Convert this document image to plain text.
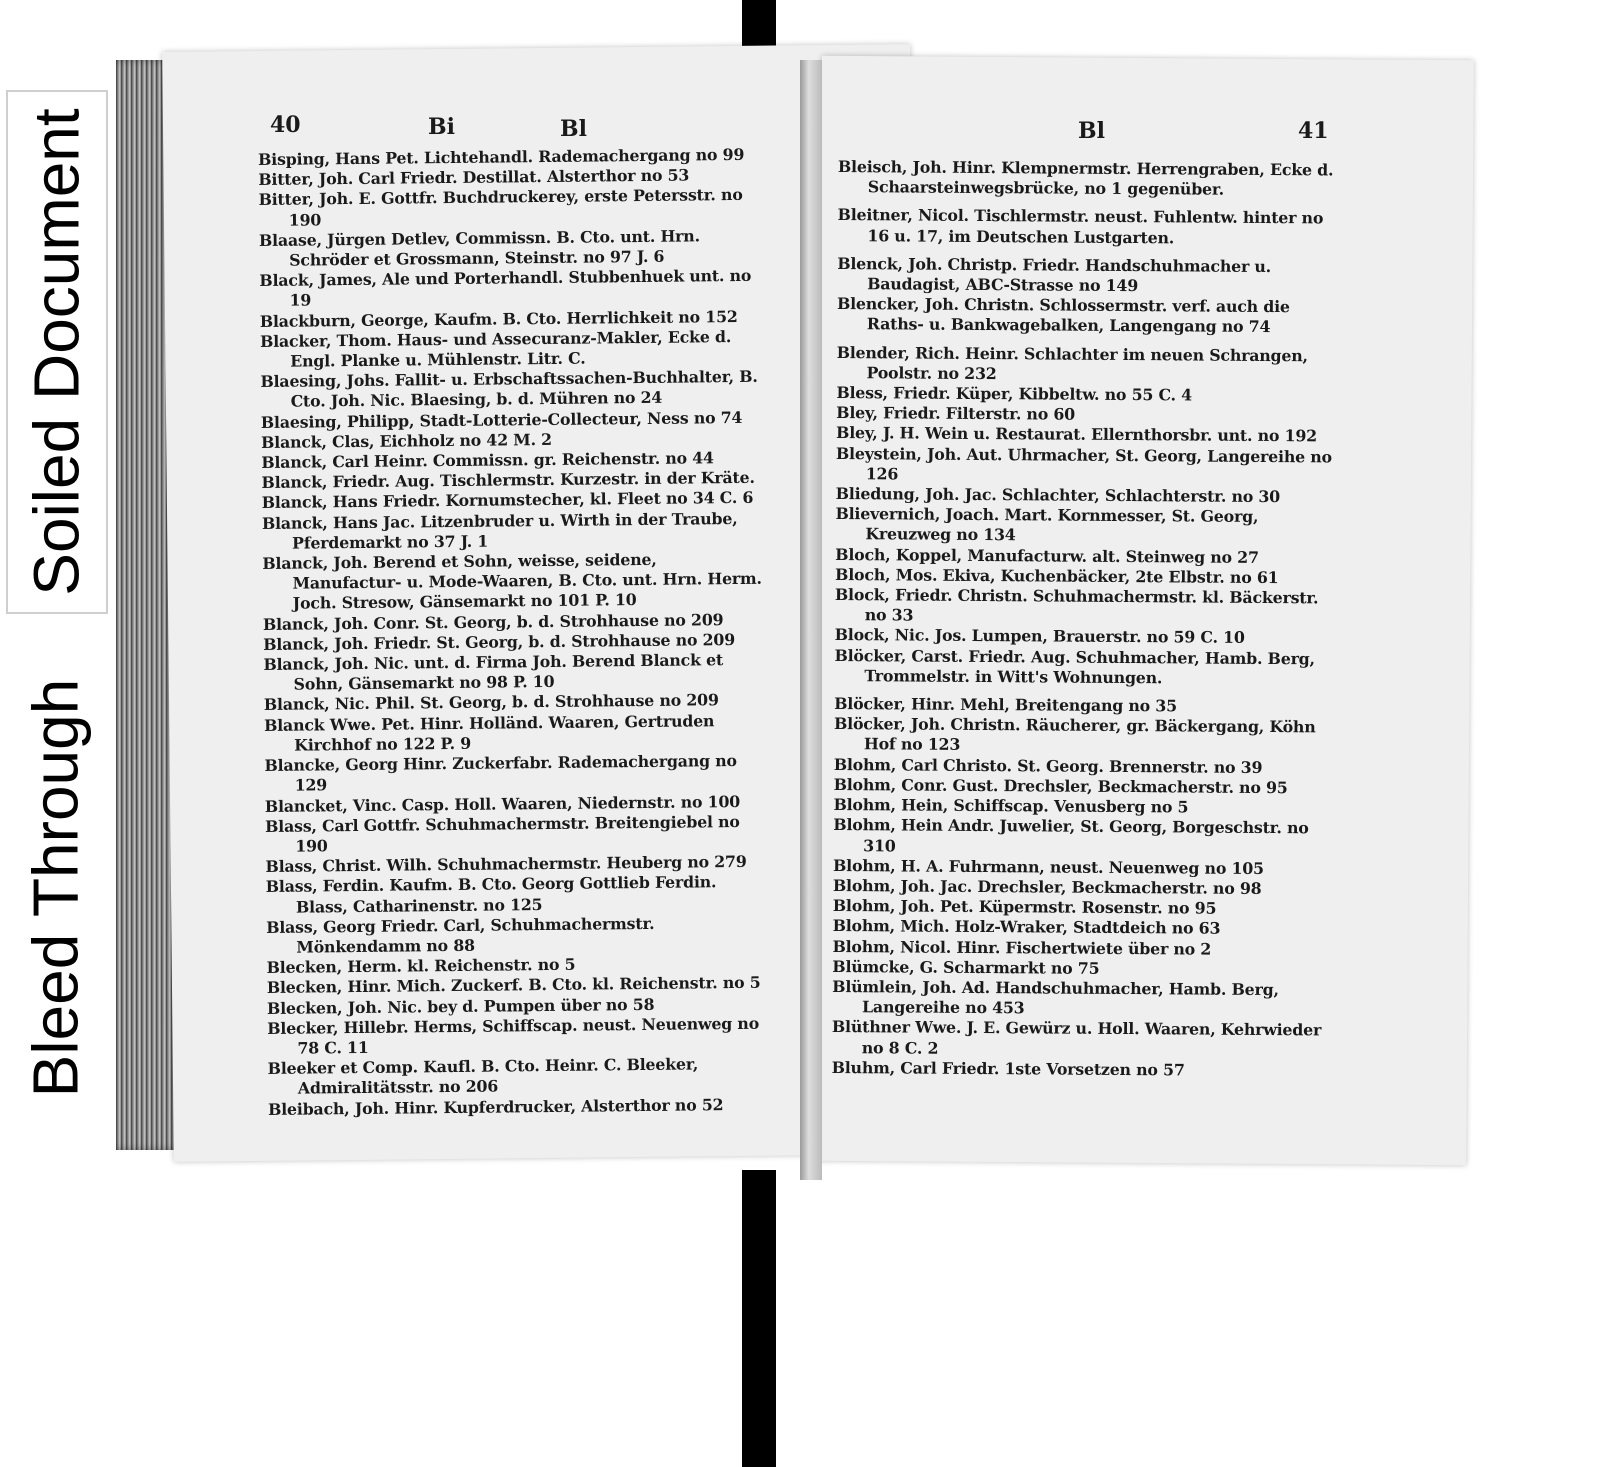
Soiled Document
Bleed Through
40	Bi	Bl	Bl	41
Bisping, Hans Pet. Lichtehandl. Rademachergang no 99
Bitter, Joh. Carl Friedr. Destillat. Alsterthor no 53
Bitter, Joh. E. Gottfr. Buchdruckerey, erste Petersstr. no 190
Blaase, Jürgen Detlev, Commissn. B. Cto. unt. Hrn. Schröder et Grossmann, Steinstr. no 97 J. 6
Black, James, Ale und Porterhandl. Stubbenhuek unt. no 19
Blackburn, George, Kaufm. B. Cto. Herrlichkeit no 152
Blacker, Thom. Haus- und Assecuranz-Makler, Ecke d. Engl. Planke u. Mühlenstr. Litr. C.
Blaesing, Johs. Fallit- u. Erbschaftssachen-Buchhalter, B. Cto. Joh. Nic. Blaesing, b. d. Mühren no 24
Blaesing, Philipp, Stadt-Lotterie-Collecteur, Ness no 74
Blanck, Clas, Eichholz no 42 M. 2
Blanck, Carl Heinr. Commissn. gr. Reichenstr. no 44
Blanck, Friedr. Aug. Tischlermstr. Kurzestr. in der Kräte.
Blanck, Hans Friedr. Kornumstecher, kl. Fleet no 34 C. 6
Blanck, Hans Jac. Litzenbruder u. Wirth in der Traube, Pferdemarkt no 37 J. 1
Blanck, Joh. Berend et Sohn, weisse, seidene, Manufactur- u. Mode-Waaren, B. Cto. unt. Hrn. Herm. Joch. Stresow, Gänsemarkt no 101 P. 10
Blanck, Joh. Conr. St. Georg, b. d. Strohhause no 209
Blanck, Joh. Friedr. St. Georg, b. d. Strohhause no 209
Blanck, Joh. Nic. unt. d. Firma Joh. Berend Blanck et Sohn, Gänsemarkt no 98 P. 10
Blanck, Nic. Phil. St. Georg, b. d. Strohhause no 209
Blanck Wwe. Pet. Hinr. Holländ. Waaren, Gertruden Kirchhof no 122 P. 9
Blancke, Georg Hinr. Zuckerfabr. Rademachergang no 129
Blancket, Vinc. Casp. Holl. Waaren, Niedernstr. no 100
Blass, Carl Gottfr. Schuhmachermstr. Breitengiebel no 190
Blass, Christ. Wilh. Schuhmachermstr. Heuberg no 279
Blass, Ferdin. Kaufm. B. Cto. Georg Gottlieb Ferdin. Blass, Catharinenstr. no 125
Blass, Georg Friedr. Carl, Schuhmachermstr. Mönkendamm no 88
Blecken, Herm. kl. Reichenstr. no 5
Blecken, Hinr. Mich. Zuckerf. B. Cto. kl. Reichenstr. no 5
Blecken, Joh. Nic. bey d. Pumpen über no 58
Blecker, Hillebr. Herms, Schiffscap. neust. Neuenweg no 78 C. 11
Bleeker et Comp. Kaufl. B. Cto. Heinr. C. Bleeker, Admiralitätsstr. no 206
Bleibach, Joh. Hinr. Kupferdrucker, Alsterthor no 52
Bleisch, Joh. Hinr. Klempnermstr. Herrengraben, Ecke d. Schaarsteinwegsbrücke, no 1 gegenüber.
Bleitner, Nicol. Tischlermstr. neust. Fuhlentw. hinter no 16 u. 17, im Deutschen Lustgarten.
Blenck, Joh. Christp. Friedr. Handschuhmacher u. Baudagist, ABC-Strasse no 149
Blencker, Joh. Christn. Schlossermstr. verf. auch die Raths- u. Bankwagebalken, Langengang no 74
Blender, Rich. Heinr. Schlachter im neuen Schrangen, Poolstr. no 232
Bless, Friedr. Küper, Kibbeltw. no 55 C. 4
Bley, Friedr. Filterstr. no 60
Bley, J. H. Wein u. Restaurat. Ellernthorsbr. unt. no 192
Bleystein, Joh. Aut. Uhrmacher, St. Georg, Langereihe no 126
Bliedung, Joh. Jac. Schlachter, Schlachterstr. no 30
Blievernich, Joach. Mart. Kornmesser, St. Georg, Kreuzweg no 134
Bloch, Koppel, Manufacturw. alt. Steinweg no 27
Bloch, Mos. Ekiva, Kuchenbäcker, 2te Elbstr. no 61
Block, Friedr. Christn. Schuhmachermstr. kl. Bäckerstr. no 33
Block, Nic. Jos. Lumpen, Brauerstr. no 59 C. 10
Blöcker, Carst. Friedr. Aug. Schuhmacher, Hamb. Berg, Trommelstr. in Witt's Wohnungen.
Blöcker, Hinr. Mehl, Breitengang no 35
Blöcker, Joh. Christn. Räucherer, gr. Bäckergang, Köhn Hof no 123
Blohm, Carl Christo. St. Georg. Brennerstr. no 39
Blohm, Conr. Gust. Drechsler, Beckmacherstr. no 95
Blohm, Hein, Schiffscap. Venusberg no 5
Blohm, Hein Andr. Juwelier, St. Georg, Borgeschstr. no 310
Blohm, H. A. Fuhrmann, neust. Neuenweg no 105
Blohm, Joh. Jac. Drechsler, Beckmacherstr. no 98
Blohm, Joh. Pet. Küpermstr. Rosenstr. no 95
Blohm, Mich. Holz-Wraker, Stadtdeich no 63
Blohm, Nicol. Hinr. Fischertwiete über no 2
Blümcke, G. Scharmarkt no 75
Blümlein, Joh. Ad. Handschuhmacher, Hamb. Berg, Langereihe no 453
Blüthner Wwe. J. E. Gewürz u. Holl. Waaren, Kehrwieder no 8 C. 2
Bluhm, Carl Friedr. 1ste Vorsetzen no 57
